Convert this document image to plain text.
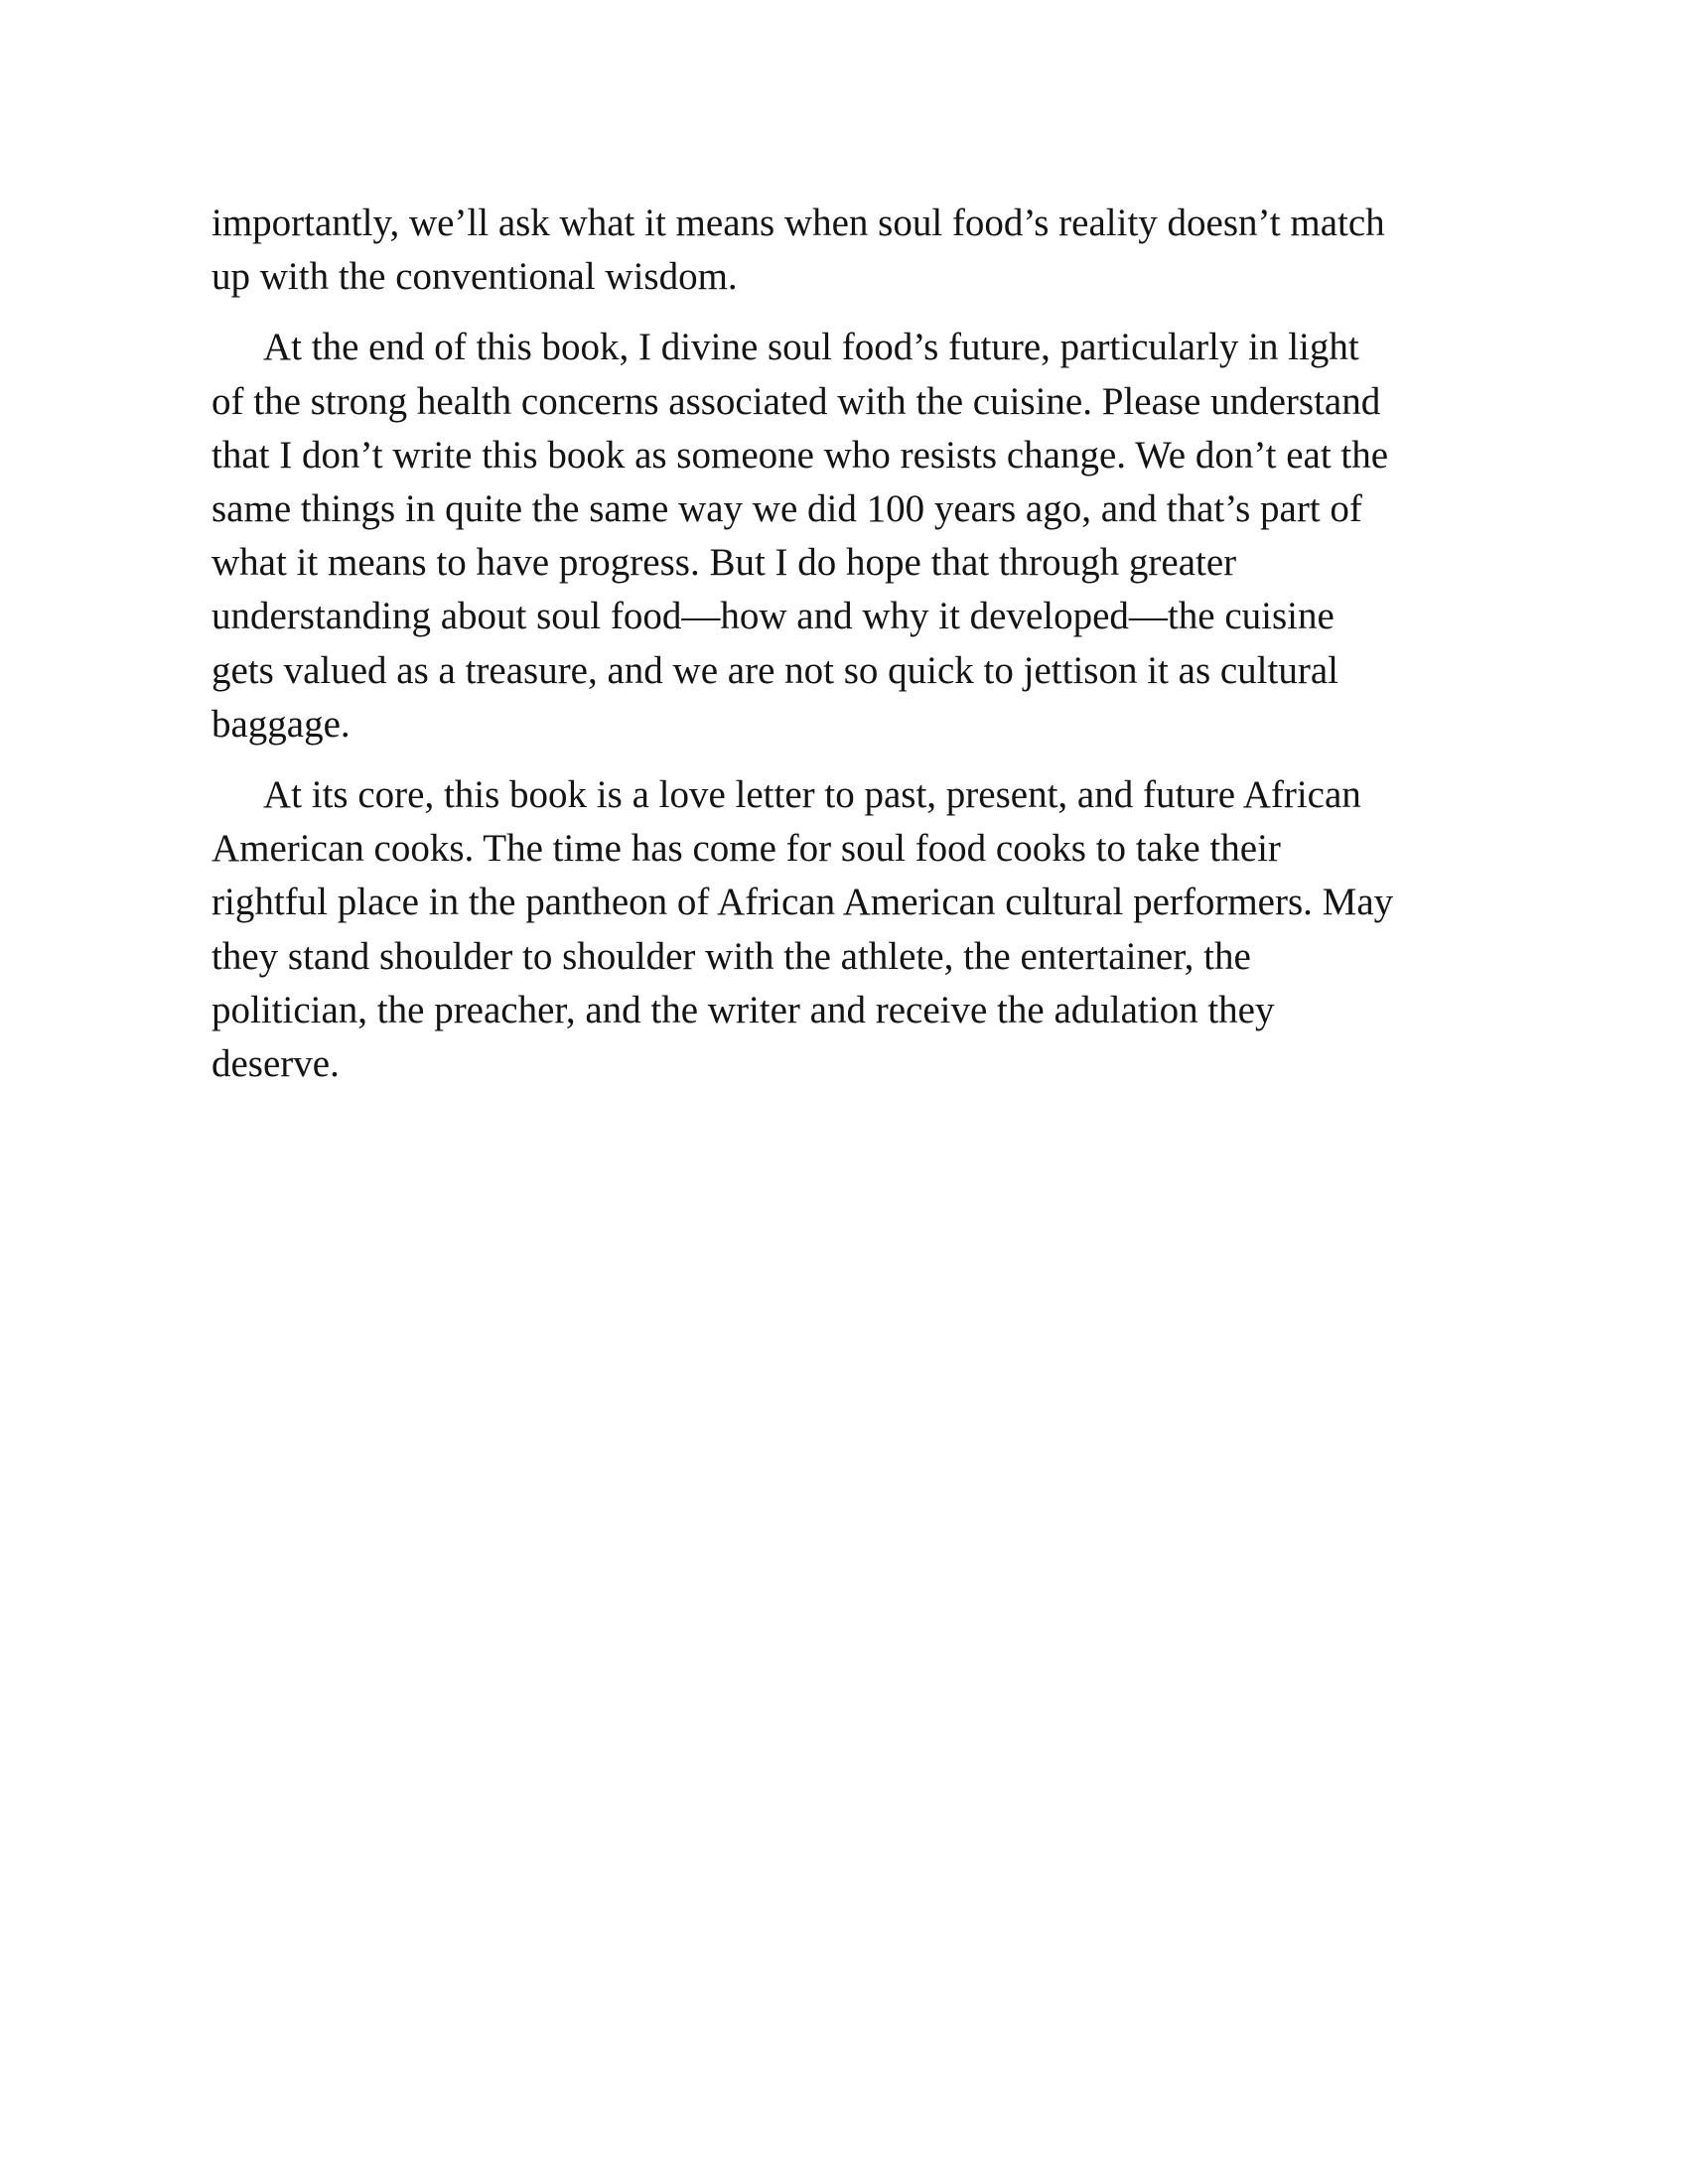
importantly, we’ll ask what it means when soul food’s reality doesn’t match
up with the conventional wisdom.
At the end of this book, I divine soul food’s future, particularly in light
of the strong health concerns associated with the cuisine. Please understand
that I don’t write this book as someone who resists change. We don’t eat the
same things in quite the same way we did 100 years ago, and that’s part of
what it means to have progress. But I do hope that through greater
understanding about soul food—how and why it developed—the cuisine
gets valued as a treasure, and we are not so quick to jettison it as cultural
baggage.
At its core, this book is a love letter to past, present, and future African
American cooks. The time has come for soul food cooks to take their
rightful place in the pantheon of African American cultural performers. May
they stand shoulder to shoulder with the athlete, the entertainer, the
politician, the preacher, and the writer and receive the adulation they
deserve.
